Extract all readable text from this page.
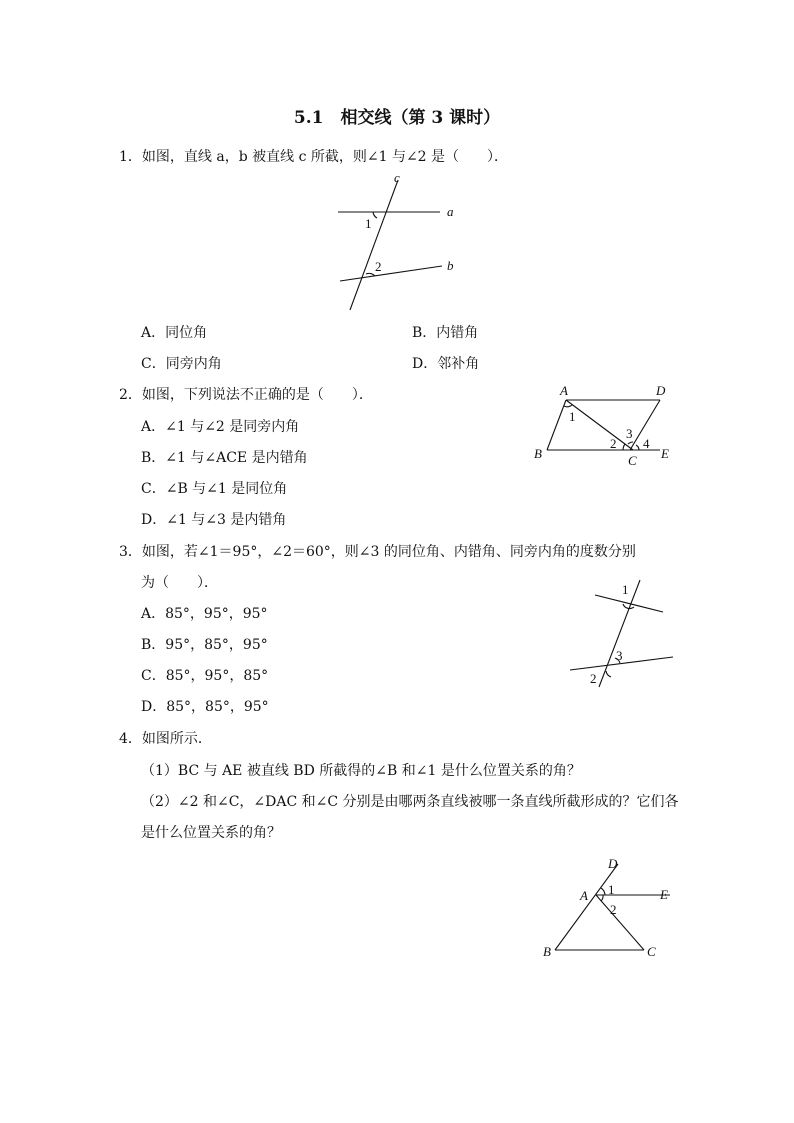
5.1　相交线（第 3 课时）
1．如图，直线 a，b 被直线 c 所截，则∠1 与∠2 是（　　）．
c
a
b
1
2
A．同位角	B．内错角
C．同旁内角	D．邻补角
2．如图，下列说法不正确的是（　　）．	A	D
B	C E
1
2
3
4
A．∠1 与∠2 是同旁内角
B．∠1 与∠ACE 是内错角
C．∠B 与∠1 是同位角
D．∠1 与∠3 是内错角
3．如图，若∠1＝95°，∠2＝60°，则∠3 的同位角、内错角、同旁内角的度数分别
为（　　）．	1
3
2
A．85°，95°，95°
B．95°，85°，95°
C．85°，95°，85°
D．85°，85°，95°
4．如图所示．
（1）BC 与 AE 被直线 BD 所截得的∠B 和∠1 是什么位置关系的角？
（2）∠2 和∠C，∠DAC 和∠C 分别是由哪两条直线被哪一条直线所截形成的？它们各
是什么位置关系的角？
D
E
A
B	C
1
2
